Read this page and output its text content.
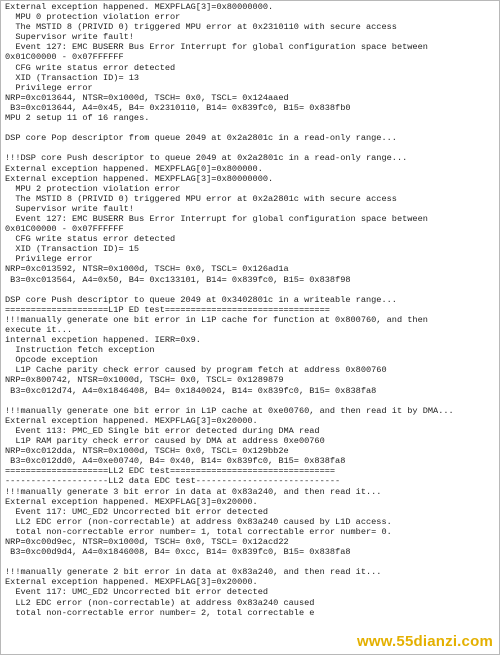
External exception happened. MEXPFLAG[3]=0x80000000.
MPU 0 protection violation error
The MSTID 8 (PRIVID 0) triggered MPU error at 0x2310110 with secure access
Supervisor write fault!
Event 127: EMC BUSERR Bus Error Interrupt for global configuration space between
0x01C00000 - 0x07FFFFFF
CFG write status error detected
XID (Transaction ID)= 13
Privilege error
NRP=0xc013644, NTSR=0x1000d, TSCH= 0x0, TSCL= 0x124aaed
B3=0xc013644, A4=0x45, B4= 0x2310110, B14= 0x839fc0, B15= 0x838fb0
MPU 2 setup 11 of 16 ranges.
DSP core Pop descriptor from queue 2049 at 0x2a2801c in a read-only range...
!!!DSP core Push descriptor to queue 2049 at 0x2a2801c in a read-only range...
External exception happened. MEXPFLAG[0]=0x800000.
External exception happened. MEXPFLAG[3]=0x80000000.
MPU 2 protection violation error
The MSTID 8 (PRIVID 0) triggered MPU error at 0x2a2801c with secure access
Supervisor write fault!
Event 127: EMC BUSERR Bus Error Interrupt for global configuration space between
0x01C00000 - 0x07FFFFFF
CFG write status error detected
XID (Transaction ID)= 15
Privilege error
NRP=0xc013592, NTSR=0x1000d, TSCH= 0x0, TSCL= 0x126ad1a
B3=0xc013564, A4=0x50, B4= 0xc133101, B14= 0x839fc0, B15= 0x838f98
DSP core Push descriptor to queue 2049 at 0x3402801c in a writeable range...
====================L1P ED test================================
!!!manually generate one bit error in L1P cache for function at 0x800760, and then
execute it...
internal excpetion happened. IERR=0x9.
Instruction fetch exception
Opcode exception
L1P Cache parity check error caused by program fetch at address 0x800760
NRP=0x800742, NTSR=0x1000d, TSCH= 0x0, TSCL= 0x1289879
B3=0xc012d74, A4=0x1846408, B4= 0x1840024, B14= 0x839fc0, B15= 0x838fa8
!!!manually generate one bit error in L1P cache at 0xe00760, and then read it by DMA...
External exception happened. MEXPFLAG[3]=0x20000.
Event 113: PMC_ED Single bit error detected during DMA read
L1P RAM parity check error caused by DMA at address 0xe00760
NRP=0xc012dda, NTSR=0x1000d, TSCH= 0x0, TSCL= 0x129bb2e
B3=0xc012dd0, A4=0xe00740, B4= 0x40, B14= 0x839fc0, B15= 0x838fa8
====================LL2 EDC test================================
--------------------LL2 data EDC test----------------------------
!!!manually generate 3 bit error in data at 0x83a240, and then read it...
External exception happened. MEXPFLAG[3]=0x20000.
Event 117: UMC_ED2 Uncorrected bit error detected
LL2 EDC error (non-correctable) at address 0x83a240 caused by L1D access.
total non-correctable error number= 1, total correctable error number= 0.
NRP=0xc00d9ec, NTSR=0x1000d, TSCH= 0x0, TSCL= 0x12acd22
B3=0xc00d9d4, A4=0x1846008, B4= 0xcc, B14= 0x839fc0, B15= 0x838fa8
!!!manually generate 2 bit error in data at 0x83a240, and then read it...
External exception happened. MEXPFLAG[3]=0x20000.
Event 117: UMC_ED2 Uncorrected bit error detected
LL2 EDC error (non-correctable) at address 0x83a240 caused
total non-correctable error number= 2, total correctable e
www.55dianzi.com
